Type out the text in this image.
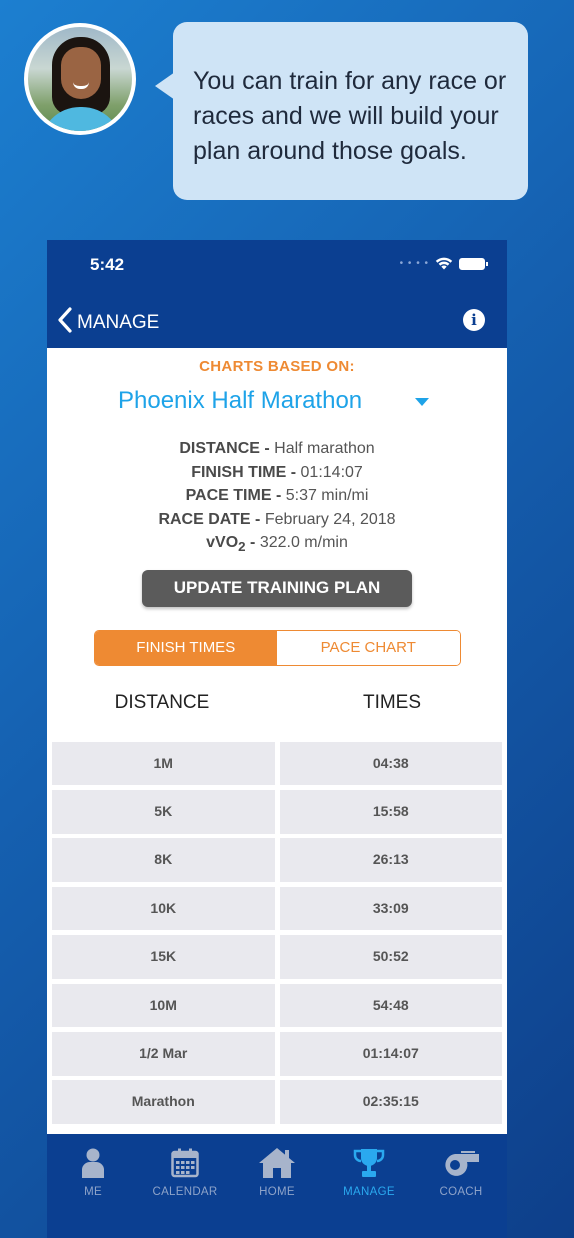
You can train for any race or

races and we will build your

plan around those goals.

5:42	• • • •
MANAGE	i
CHARTS BASED ON:
Phoenix Half Marathon
DISTANCE - Half marathon
FINISH TIME - 01:14:07
PACE TIME - 5:37 min/mi
RACE DATE - February 24, 2018
vVO$_2$ - 322.0 m/min
UPDATE TRAINING PLAN
FINISH TIMES	PACE CHART
DISTANCE	TIMES
1M	04:38
5K	15:58
8K	26:13
10K	33:09
15K	50:52
10M	54:48
1/2 Mar	01:14:07
Marathon	02:35:15
ME	CALENDAR	HOME	MANAGE	COACH
